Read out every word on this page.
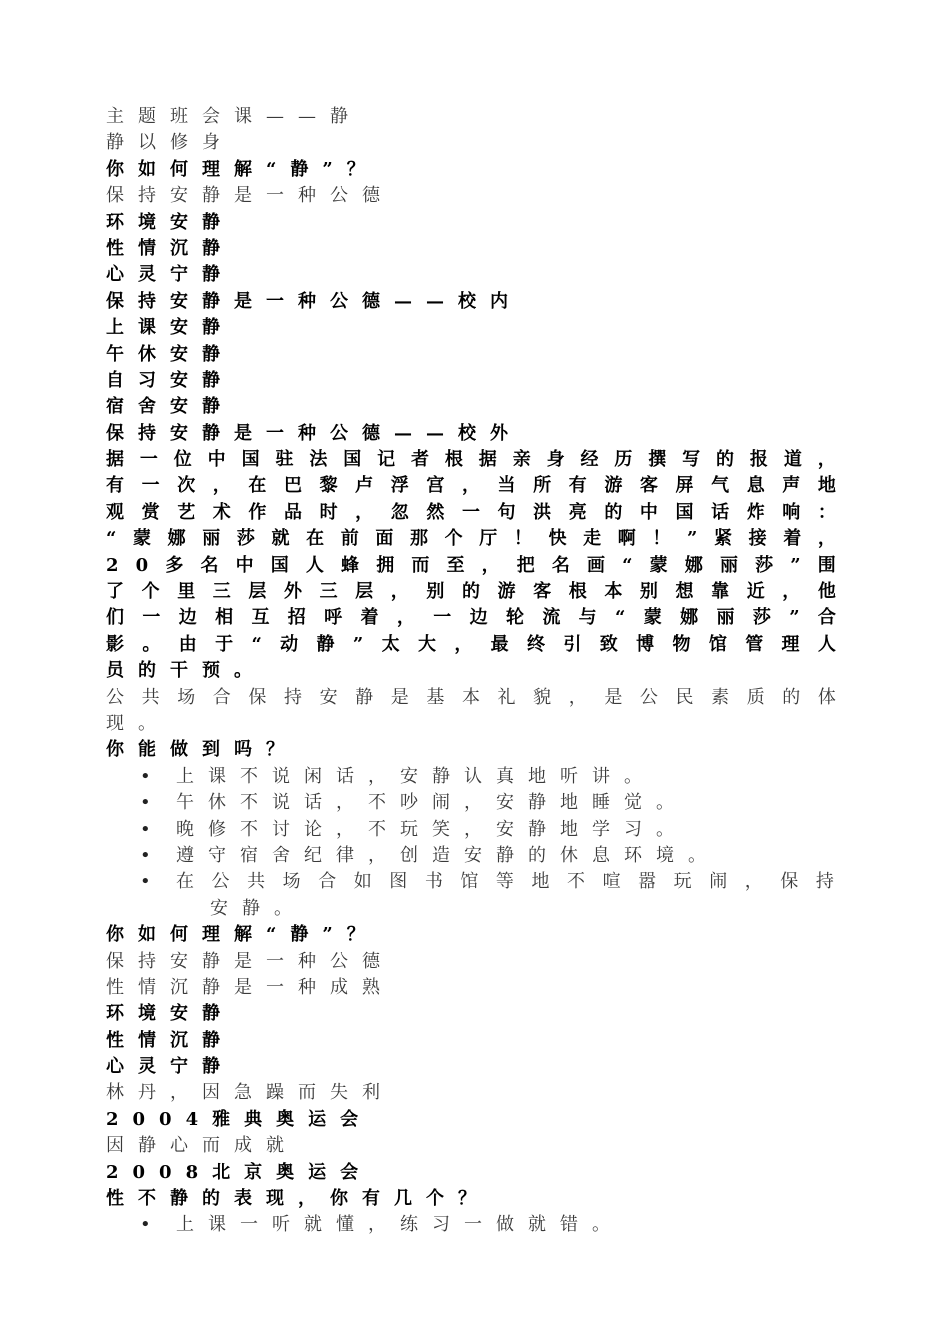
主题班会课——静
静以修身
你如何理解“静”？
保持安静是一种公德
环境安静
性情沉静
心灵宁静
保持安静是一种公德——校内
上课安静
午休安静
自习安静
宿舍安静
保持安静是一种公德——校外
据 一 位 中 国 驻 法 国 记 者 根 据 亲 身 经 历 撰 写 的 报 道 ，
有 一 次 ， 在 巴 黎 卢 浮 宫 ， 当 所 有 游 客 屏 气 息 声 地
观 赏 艺 术 作 品 时 ， 忽 然 一 句 洪 亮 的 中 国 话 炸 响 ：
“ 蒙 娜 丽 莎 就 在 前 面 那 个 厅 ！ 快 走 啊 ！ ” 紧 接 着 ，
2 0 多 名 中 国 人 蜂 拥 而 至 ， 把 名 画 “ 蒙 娜 丽 莎 ” 围
了 个 里 三 层 外 三 层 ， 别 的 游 客 根 本 别 想 靠 近 ， 他
们 一 边 相 互 招 呼 着 ， 一 边 轮 流 与 “ 蒙 娜 丽 莎 ” 合
影 。 由 于 “ 动 静 ” 太 大 ， 最 终 引 致 博 物 馆 管 理 人
员的干预。
公 共 场 合 保 持 安 静 是 基 本 礼 貌 ， 是 公 民 素 质 的 体
现。
你能做到吗？
• 上课不说闲话，安静认真地听讲。
• 午休不说话，不吵闹，安静地睡觉。
• 晚修不讨论，不玩笑，安静地学习。
• 遵守宿舍纪律，创造安静的休息环境。
• 在 公 共 场 合 如 图 书 馆 等 地 不 喧 嚣 玩 闹 ， 保 持
安静。
你如何理解“静”？
保持安静是一种公德
性情沉静是一种成熟
环境安静
性情沉静
心灵宁静
林丹，因急躁而失利
2004雅典奥运会
因静心而成就
2008北京奥运会
性不静的表现，你有几个？
• 上课一听就懂，练习一做就错。
